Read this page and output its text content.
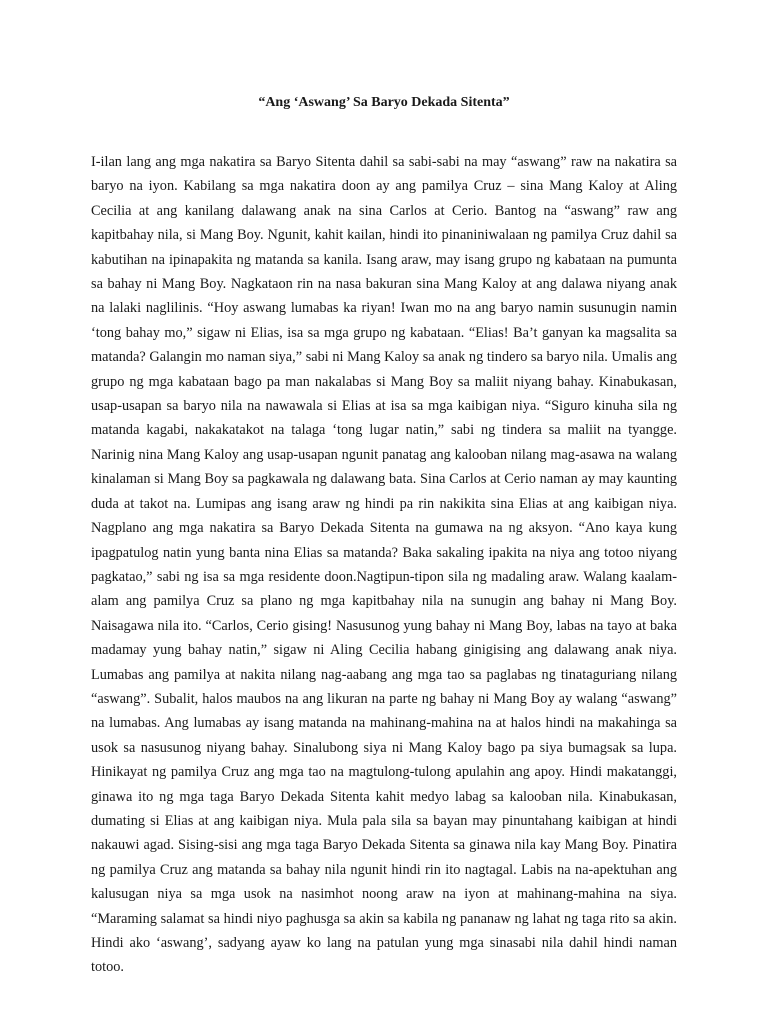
“Ang ‘Aswang’ Sa Baryo Dekada Sitenta”

I-ilan lang ang mga nakatira sa Baryo Sitenta dahil sa sabi-sabi na may “aswang” raw na nakatira sa baryo na iyon. Kabilang sa mga nakatira doon ay ang pamilya Cruz – sina Mang Kaloy at Aling Cecilia at ang kanilang dalawang anak na sina Carlos at Cerio. Bantog na “aswang” raw ang kapitbahay nila, si Mang Boy. Ngunit, kahit kailan, hindi ito pinaniniwalaan ng pamilya Cruz dahil sa kabutihan na ipinapakita ng matanda sa kanila. Isang araw, may isang grupo ng kabataan na pumunta sa bahay ni Mang Boy. Nagkataon rin na nasa bakuran sina Mang Kaloy at ang dalawa niyang anak na lalaki naglilinis. “Hoy aswang lumabas ka riyan! Iwan mo na ang baryo namin susunugin namin ‘tong bahay mo,” sigaw ni Elias, isa sa mga grupo ng kabataan. “Elias! Ba’t ganyan ka magsalita sa matanda? Galangin mo naman siya,” sabi ni Mang Kaloy sa anak ng tindero sa baryo nila. Umalis ang grupo ng mga kabataan bago pa man nakalabas si Mang Boy sa maliit niyang bahay. Kinabukasan, usap-usapan sa baryo nila na nawawala si Elias at isa sa mga kaibigan niya. “Siguro kinuha sila ng matanda kagabi, nakakatakot na talaga ‘tong lugar natin,” sabi ng tindera sa maliit na tyangge. Narinig nina Mang Kaloy ang usap-usapan ngunit panatag ang kalooban nilang mag-asawa na walang kinalaman si Mang Boy sa pagkawala ng dalawang bata. Sina Carlos at Cerio naman ay may kaunting duda at takot na. Lumipas ang isang araw ng hindi pa rin nakikita sina Elias at ang kaibigan niya. Nagplano ang mga nakatira sa Baryo Dekada Sitenta na gumawa na ng aksyon. “Ano kaya kung ipagpatulog natin yung banta nina Elias sa matanda? Baka sakaling ipakita na niya ang totoo niyang pagkatao,” sabi ng isa sa mga residente doon.Nagtipun-tipon sila ng madaling araw. Walang kaalam-alam ang pamilya Cruz sa plano ng mga kapitbahay nila na sunugin ang bahay ni Mang Boy. Naisagawa nila ito. “Carlos, Cerio gising! Nasusunog yung bahay ni Mang Boy, labas na tayo at baka madamay yung bahay natin,” sigaw ni Aling Cecilia habang ginigising ang dalawang anak niya. Lumabas ang pamilya at nakita nilang nag-aabang ang mga tao sa paglabas ng tinataguriang nilang “aswang”. Subalit, halos maubos na ang likuran na parte ng bahay ni Mang Boy ay walang “aswang” na lumabas. Ang lumabas ay isang matanda na mahinang-mahina na at halos hindi na makahinga sa usok sa nasusunog niyang bahay. Sinalubong siya ni Mang Kaloy bago pa siya bumagsak sa lupa. Hinikayat ng pamilya Cruz ang mga tao na magtulong-tulong apulahin ang apoy. Hindi makatanggi, ginawa ito ng mga taga Baryo Dekada Sitenta kahit medyo labag sa kalooban nila. Kinabukasan, dumating si Elias at ang kaibigan niya. Mula pala sila sa bayan may pinuntahang kaibigan at hindi nakauwi agad. Sising-sisi ang mga taga Baryo Dekada Sitenta sa ginawa nila kay Mang Boy. Pinatira ng pamilya Cruz ang matanda sa bahay nila ngunit hindi rin ito nagtagal. Labis na na-apektuhan ang kalusugan niya sa mga usok na nasimhot noong araw na iyon at mahinang-mahina na siya. “Maraming salamat sa hindi niyo paghusga sa akin sa kabila ng pananaw ng lahat ng taga rito sa akin. Hindi ako ‘aswang’, sadyang ayaw ko lang na patulan yung mga sinasabi nila dahil hindi naman totoo.
